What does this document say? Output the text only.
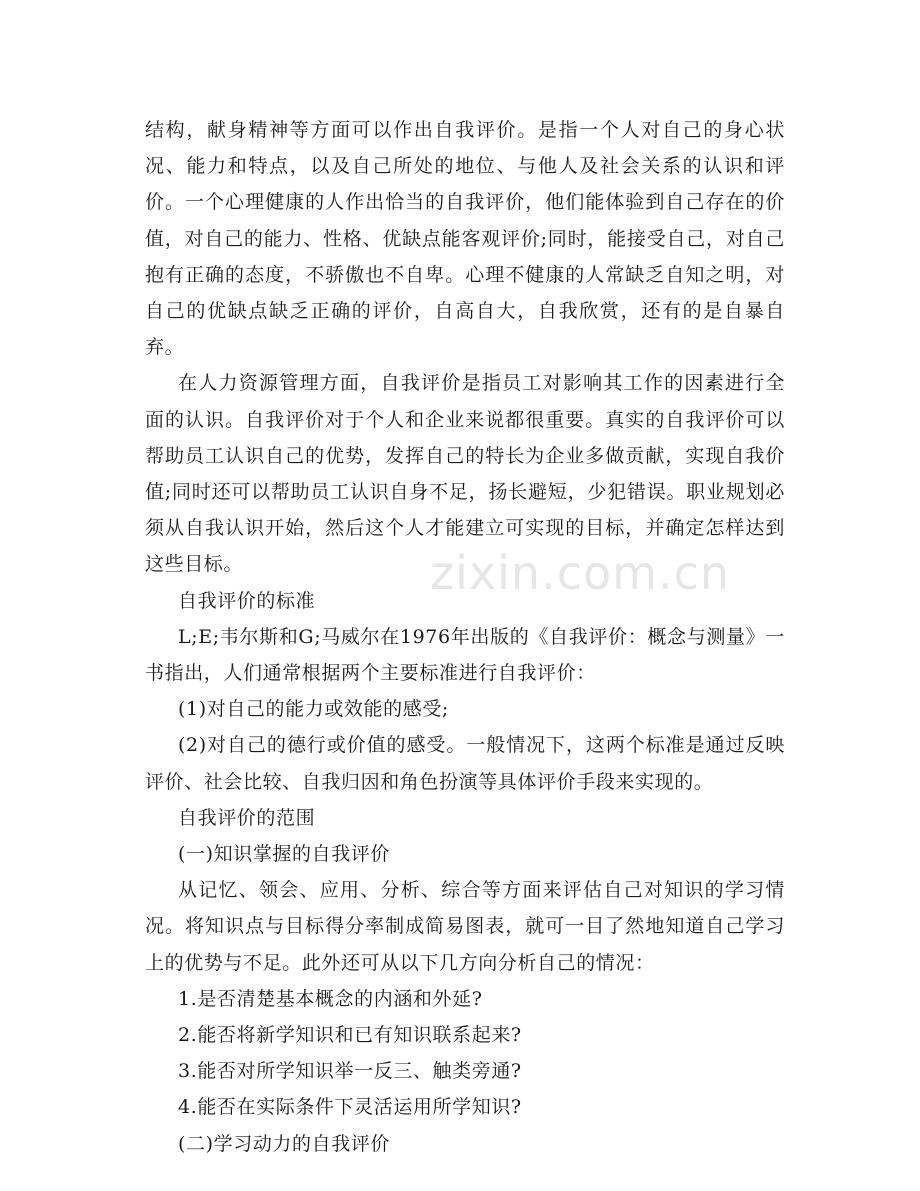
结构，献身精神等方面可以作出自我评价。是指一个人对自己的身心状况、能力和特点，以及自己所处的地位、与他人及社会关系的认识和评价。一个心理健康的人作出恰当的自我评价，他们能体验到自己存在的价值，对自己的能力、性格、优缺点能客观评价;同时，能接受自己，对自己抱有正确的态度，不骄傲也不自卑。心理不健康的人常缺乏自知之明，对自己的优缺点缺乏正确的评价，自高自大，自我欣赏，还有的是自暴自弃。

在人力资源管理方面，自我评价是指员工对影响其工作的因素进行全面的认识。自我评价对于个人和企业来说都很重要。真实的自我评价可以帮助员工认识自己的优势，发挥自己的特长为企业多做贡献，实现自我价值;同时还可以帮助员工认识自身不足，扬长避短，少犯错误。职业规划必须从自我认识开始，然后这个人才能建立可实现的目标，并确定怎样达到这些目标。

自我评价的标准

L;E;韦尔斯和G;马威尔在1976年出版的《自我评价：概念与测量》一书指出，人们通常根据两个主要标准进行自我评价：

(1)对自己的能力或效能的感受;

(2)对自己的德行或价值的感受。一般情况下，这两个标准是通过反映评价、社会比较、自我归因和角色扮演等具体评价手段来实现的。

自我评价的范围

(一)知识掌握的自我评价

从记忆、领会、应用、分析、综合等方面来评估自己对知识的学习情况。将知识点与目标得分率制成简易图表，就可一目了然地知道自己学习上的优势与不足。此外还可从以下几方向分析自己的情况：

1.是否清楚基本概念的内涵和外延?

2.能否将新学知识和已有知识联系起来?

3.能否对所学知识举一反三、触类旁通?

4.能否在实际条件下灵活运用所学知识?

(二)学习动力的自我评价

zixin.com.cn
